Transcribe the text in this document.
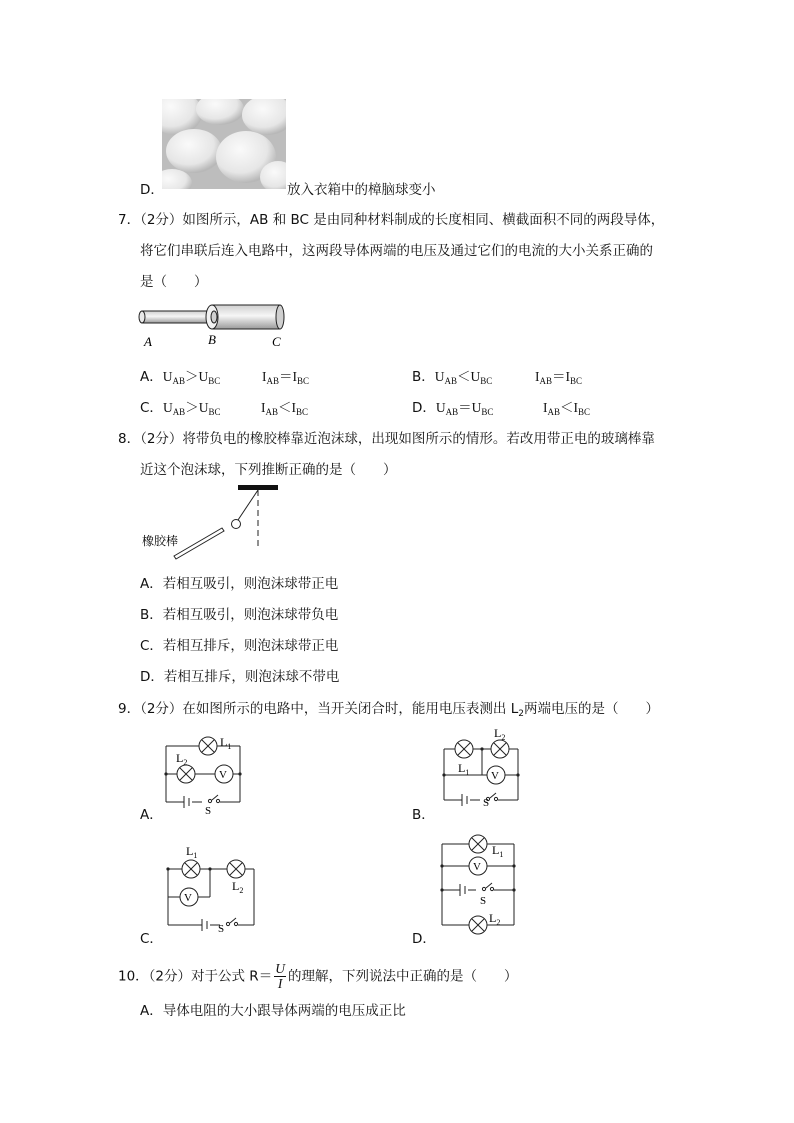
D．	放入衣箱中的樟脑球变小
7．（2分）如图所示，AB 和 BC 是由同种材料制成的长度相同、横截面积不同的两段导体，
将它们串联后连入电路中，这两段导体两端的电压及通过它们的电流的大小关系正确的
是（　　）
A	B	C
A．$U_{AB}>U_{BC}$	$I_{AB}=I_{BC}$	B．$U_{AB}<U_{BC}$	$I_{AB}=I_{BC}$
C．$U_{AB}>U_{BC}$	$I_{AB}<I_{BC}$	D．$U_{AB}=U_{BC}$	$I_{AB}<I_{BC}$
8．（2分）将带负电的橡胶棒靠近泡沫球，出现如图所示的情形。若改用带正电的玻璃棒靠
近这个泡沫球，下列推断正确的是（　　）
橡胶棒
A．若相互吸引，则泡沫球带正电
B．若相互吸引，则泡沫球带负电
C．若相互排斥，则泡沫球带正电
D．若相互排斥，则泡沫球不带电
9．（2分）在如图所示的电路中，当开关闭合时，能用电压表测出 $L_2$两端电压的是（　　）
$L_1$
$L_2$
V
S
A．
$L_2$
$L_1$ V
S
B．
$L_1$
$L_2$
V
S
C．
$L_1$
V
S
$L_2$
D．
10．（2分）对于公式 $R= \frac{U}{I}$ 的理解，下列说法中正确的是（　　）
A．导体电阻的大小跟导体两端的电压成正比
